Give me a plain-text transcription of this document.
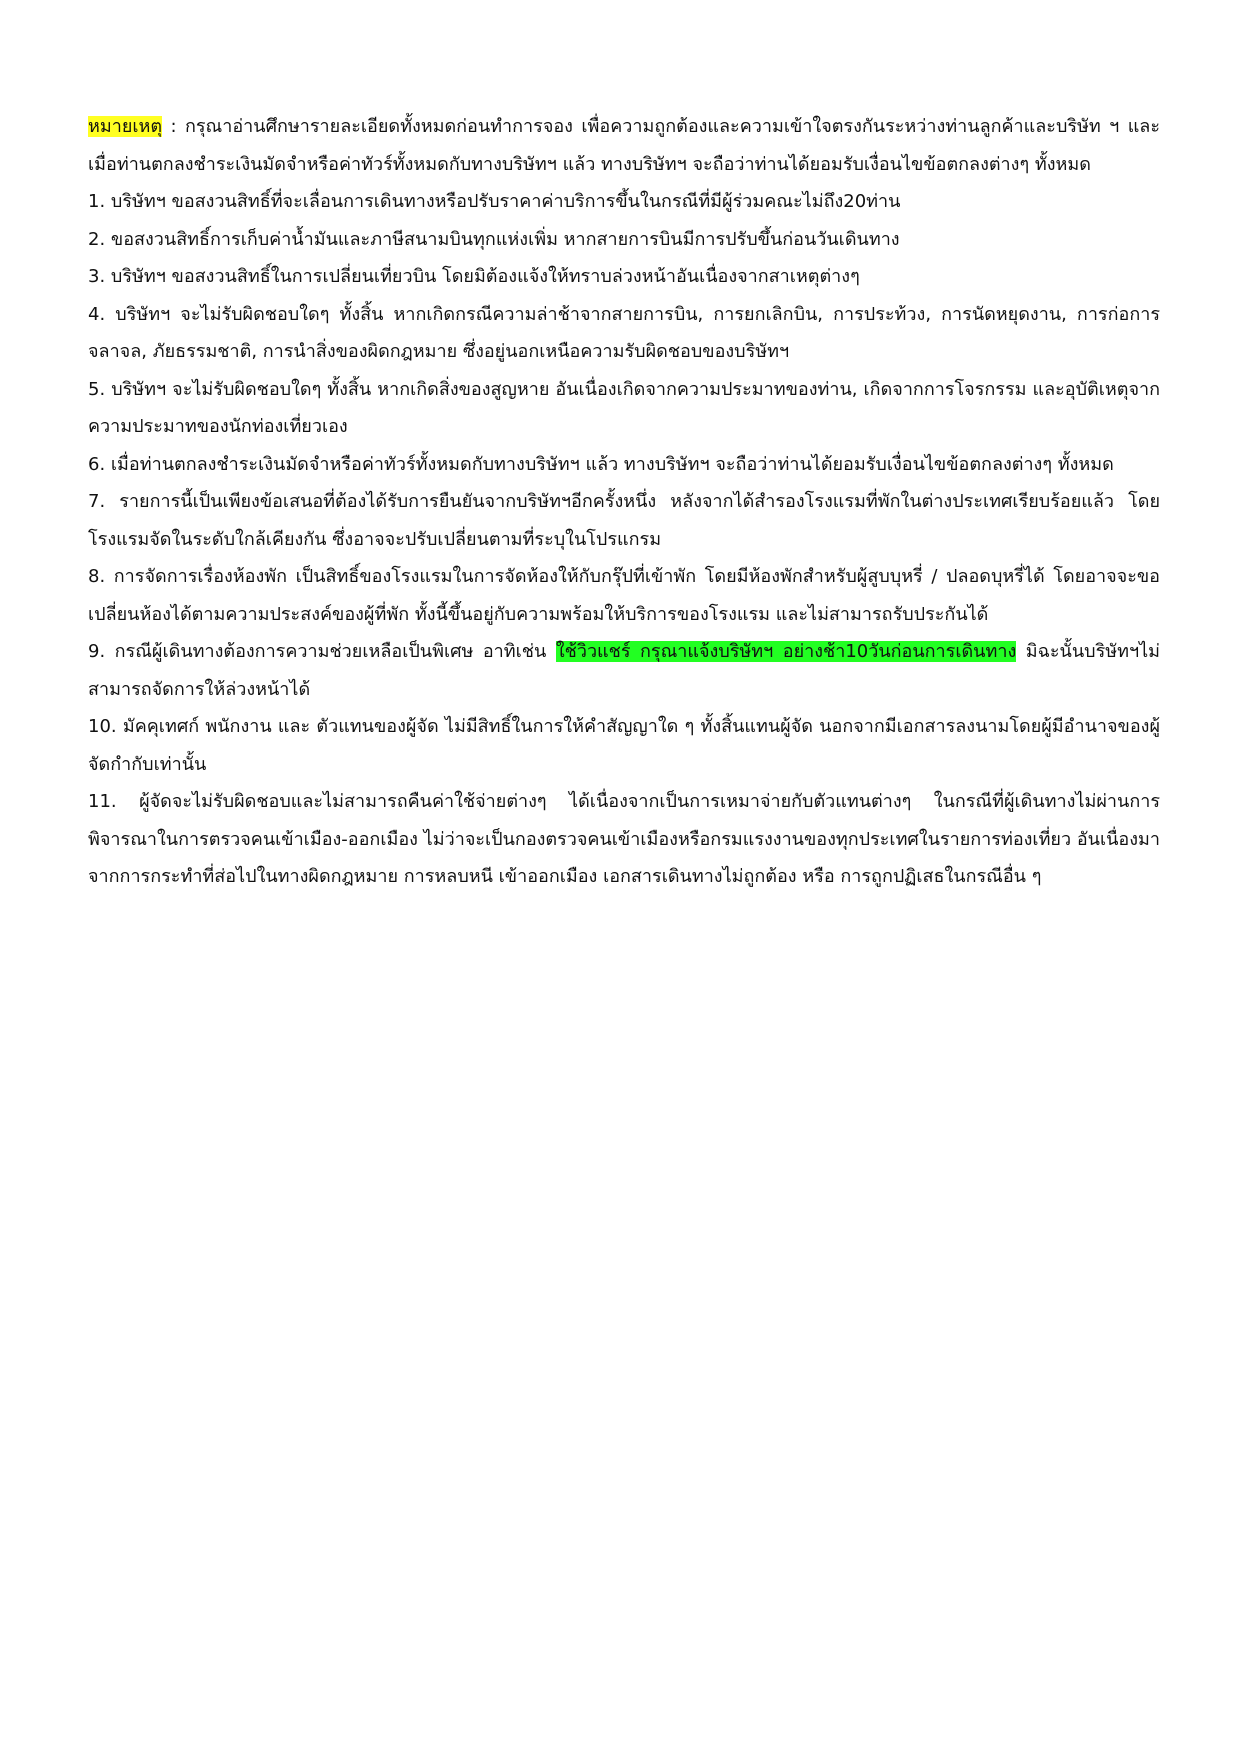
หมายเหตุ : กรุณาอ่านศึกษารายละเอียดทั้งหมดก่อนทำการจอง เพื่อความถูกต้องและความเข้าใจตรงกันระหว่างท่านลูกค้าและบริษัท ฯ และเมื่อท่านตกลงชำระเงินมัดจำหรือค่าทัวร์ทั้งหมดกับทางบริษัทฯ แล้ว ทางบริษัทฯ จะถือว่าท่านได้ยอมรับเงื่อนไขข้อตกลงต่างๆ ทั้งหมด

1. บริษัทฯ ขอสงวนสิทธิ์ที่จะเลื่อนการเดินทางหรือปรับราคาค่าบริการขึ้นในกรณีที่มีผู้ร่วมคณะไม่ถึง20ท่าน

2. ขอสงวนสิทธิ์การเก็บค่าน้ำมันและภาษีสนามบินทุกแห่งเพิ่ม หากสายการบินมีการปรับขึ้นก่อนวันเดินทาง

3. บริษัทฯ ขอสงวนสิทธิ์ในการเปลี่ยนเที่ยวบิน โดยมิต้องแจ้งให้ทราบล่วงหน้าอันเนื่องจากสาเหตุต่างๆ

4. บริษัทฯ จะไม่รับผิดชอบใดๆ ทั้งสิ้น หากเกิดกรณีความล่าช้าจากสายการบิน, การยกเลิกบิน, การประท้วง, การนัดหยุดงาน, การก่อการจลาจล, ภัยธรรมชาติ, การนำสิ่งของผิดกฎหมาย ซึ่งอยู่นอกเหนือความรับผิดชอบของบริษัทฯ

5. บริษัทฯ จะไม่รับผิดชอบใดๆ ทั้งสิ้น หากเกิดสิ่งของสูญหาย อันเนื่องเกิดจากความประมาทของท่าน, เกิดจากการโจรกรรม และอุบัติเหตุจากความประมาทของนักท่องเที่ยวเอง

6. เมื่อท่านตกลงชำระเงินมัดจำหรือค่าทัวร์ทั้งหมดกับทางบริษัทฯ แล้ว ทางบริษัทฯ จะถือว่าท่านได้ยอมรับเงื่อนไขข้อตกลงต่างๆ ทั้งหมด

7. รายการนี้เป็นเพียงข้อเสนอที่ต้องได้รับการยืนยันจากบริษัทฯอีกครั้งหนึ่ง หลังจากได้สำรองโรงแรมที่พักในต่างประเทศเรียบร้อยแล้ว โดยโรงแรมจัดในระดับใกล้เคียงกัน ซึ่งอาจจะปรับเปลี่ยนตามที่ระบุในโปรแกรม

8. การจัดการเรื่องห้องพัก เป็นสิทธิ์ของโรงแรมในการจัดห้องให้กับกรุ๊ปที่เข้าพัก โดยมีห้องพักสำหรับผู้สูบบุหรี่ / ปลอดบุหรี่ได้ โดยอาจจะขอเปลี่ยนห้องได้ตามความประสงค์ของผู้ที่พัก ทั้งนี้ขึ้นอยู่กับความพร้อมให้บริการของโรงแรม และไม่สามารถรับประกันได้

9. กรณีผู้เดินทางต้องการความช่วยเหลือเป็นพิเศษ อาทิเช่น ใช้วิวแชร์ กรุณาแจ้งบริษัทฯ อย่างช้า10วันก่อนการเดินทาง มิฉะนั้นบริษัทฯไม่สามารถจัดการให้ล่วงหน้าได้

10. มัคคุเทศก์ พนักงาน และ ตัวแทนของผู้จัด ไม่มีสิทธิ์ในการให้คำสัญญาใด ๆ ทั้งสิ้นแทนผู้จัด นอกจากมีเอกสารลงนามโดยผู้มีอำนาจของผู้จัดกำกับเท่านั้น

11. ผู้จัดจะไม่รับผิดชอบและไม่สามารถคืนค่าใช้จ่ายต่างๆ ได้เนื่องจากเป็นการเหมาจ่ายกับตัวแทนต่างๆ ในกรณีที่ผู้เดินทางไม่ผ่านการพิจารณาในการตรวจคนเข้าเมือง-ออกเมือง ไม่ว่าจะเป็นกองตรวจคนเข้าเมืองหรือกรมแรงงานของทุกประเทศในรายการท่องเที่ยว อันเนื่องมาจากการกระทำที่ส่อไปในทางผิดกฎหมาย การหลบหนี เข้าออกเมือง เอกสารเดินทางไม่ถูกต้อง หรือ การถูกปฏิเสธในกรณีอื่น ๆ
